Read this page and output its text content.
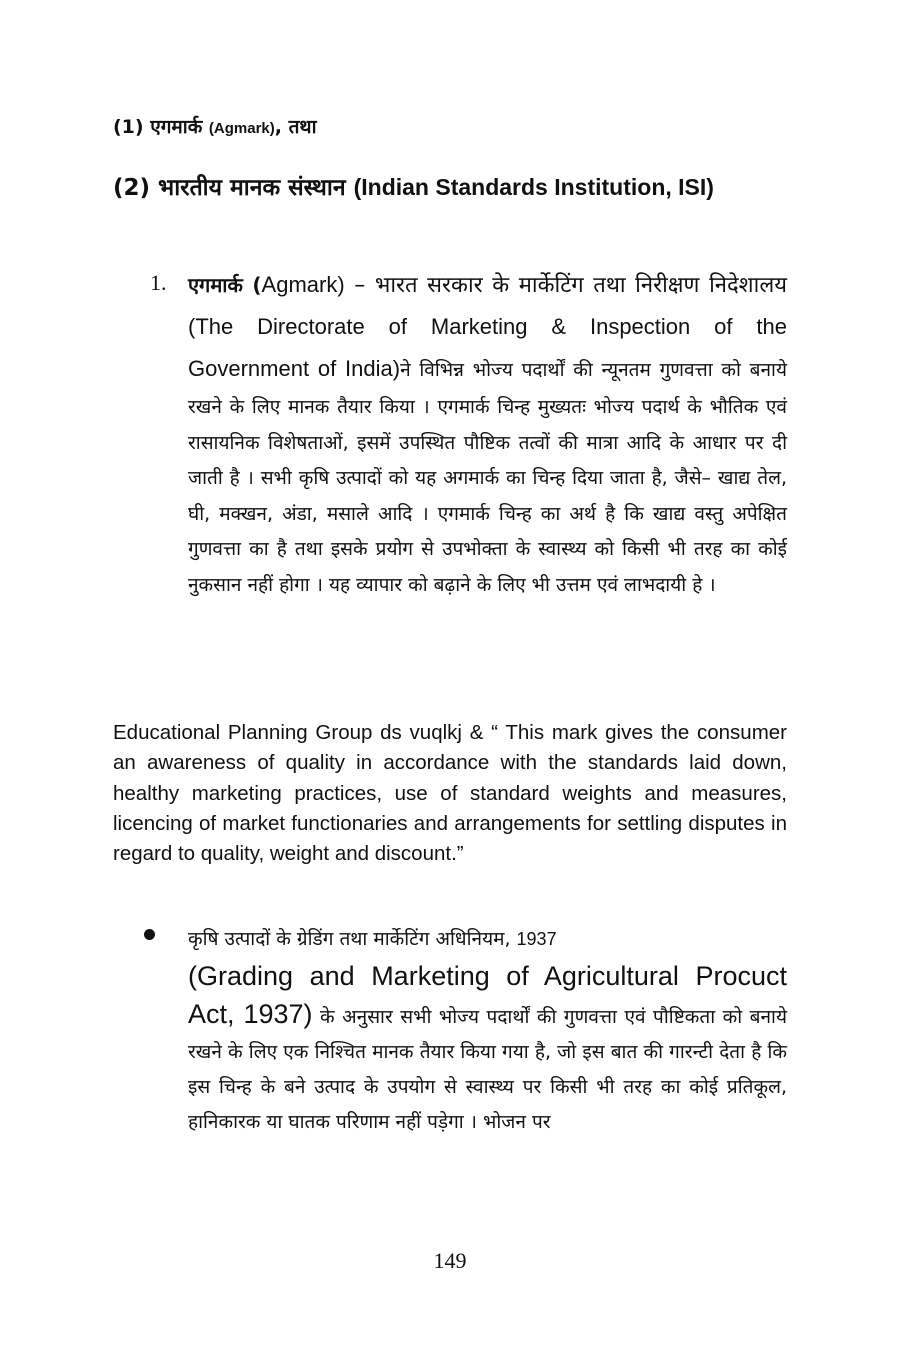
(1) एगमार्क (Agmark), तथा
(2) भारतीय मानक संस्थान (Indian Standards Institution, ISI)
1. एगमार्क (Agmark) – भारत सरकार के मार्केटिंग तथा निरीक्षण निदेशालय (The Directorate of Marketing & Inspection of the Government of India)ने विभिन्न भोज्य पदार्थों की न्यूनतम गुणवत्ता को बनाये रखने के लिए मानक तैयार किया । एगमार्क चिन्ह मुख्यतः भोज्य पदार्थ के भौतिक एवं रासायनिक विशेषताओं, इसमें उपस्थित पौष्टिक तत्वों की मात्रा आदि के आधार पर दी जाती है । सभी कृषि उत्पादों को यह अगमार्क का चिन्ह दिया जाता है, जैसे– खाद्य तेल, घी, मक्खन, अंडा, मसाले आदि । एगमार्क चिन्ह का अर्थ है कि खाद्य वस्तु अपेक्षित गुणवत्ता का है तथा इसके प्रयोग से उपभोक्ता के स्वास्थ्य को किसी भी तरह का कोई नुकसान नहीं होगा । यह व्यापार को बढ़ाने के लिए भी उत्तम एवं लाभदायी हे ।
Educational Planning Group ds vuqlkj & “ This mark gives the consumer an awareness of quality in accordance with the standards laid down, healthy marketing practices, use of standard weights and measures, licencing of market functionaries and arrangements for settling disputes in regard to quality, weight and discount.”
कृषि उत्पादों के ग्रेडिंग तथा मार्केटिंग अधिनियम, 1937
(Grading and Marketing of Agricultural Procuct Act, 1937) के अनुसार सभी भोज्य पदार्थों की गुणवत्ता एवं पौष्टिकता को बनाये रखने के लिए एक निश्चित मानक तैयार किया गया है, जो इस बात की गारन्टी देता है कि इस चिन्ह के बने उत्पाद के उपयोग से स्वास्थ्य पर किसी भी तरह का कोई प्रतिकूल, हानिकारक या घातक परिणाम नहीं पड़ेगा । भोजन पर
149
